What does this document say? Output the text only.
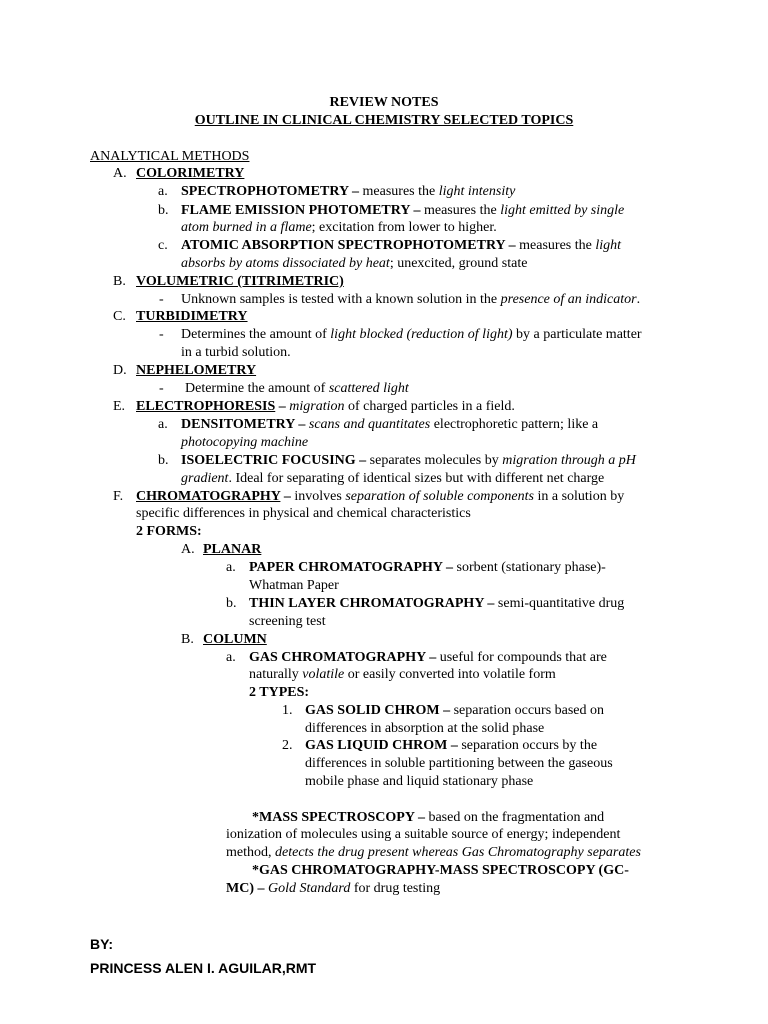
REVIEW NOTES
OUTLINE IN CLINICAL CHEMISTRY SELECTED TOPICS
ANALYTICAL METHODS
A. COLORIMETRY
a. SPECTROPHOTOMETRY – measures the light intensity
b. FLAME EMISSION PHOTOMETRY – measures the light emitted by single
atom burned in a flame; excitation from lower to higher.
c. ATOMIC ABSORPTION SPECTROPHOTOMETRY – measures the light
absorbs by atoms dissociated by heat; unexcited, ground state
B. VOLUMETRIC (TITRIMETRIC)
- Unknown samples is tested with a known solution in the presence of an indicator.
C. TURBIDIMETRY
- Determines the amount of light blocked (reduction of light) by a particulate matter
in a turbid solution.
D. NEPHELOMETRY
- Determine the amount of scattered light
E. ELECTROPHORESIS – migration of charged particles in a field.
a. DENSITOMETRY – scans and quantitates electrophoretic pattern; like a
photocopying machine
b. ISOELECTRIC FOCUSING – separates molecules by migration through a pH
gradient. Ideal for separating of identical sizes but with different net charge
F. CHROMATOGRAPHY – involves separation of soluble components in a solution by
specific differences in physical and chemical characteristics
2 FORMS:
A. PLANAR
a. PAPER CHROMATOGRAPHY – sorbent (stationary phase)-
Whatman Paper
b. THIN LAYER CHROMATOGRAPHY – semi-quantitative drug
screening test
B. COLUMN
a. GAS CHROMATOGRAPHY – useful for compounds that are
naturally volatile or easily converted into volatile form
2 TYPES:
1. GAS SOLID CHROM – separation occurs based on
differences in absorption at the solid phase
2. GAS LIQUID CHROM – separation occurs by the
differences in soluble partitioning between the gaseous
mobile phase and liquid stationary phase
*MASS SPECTROSCOPY – based on the fragmentation and
ionization of molecules using a suitable source of energy; independent
method, detects the drug present whereas Gas Chromatography separates
*GAS CHROMATOGRAPHY-MASS SPECTROSCOPY (GC-
MC) – Gold Standard for drug testing
BY:
PRINCESS ALEN I. AGUILAR,RMT
